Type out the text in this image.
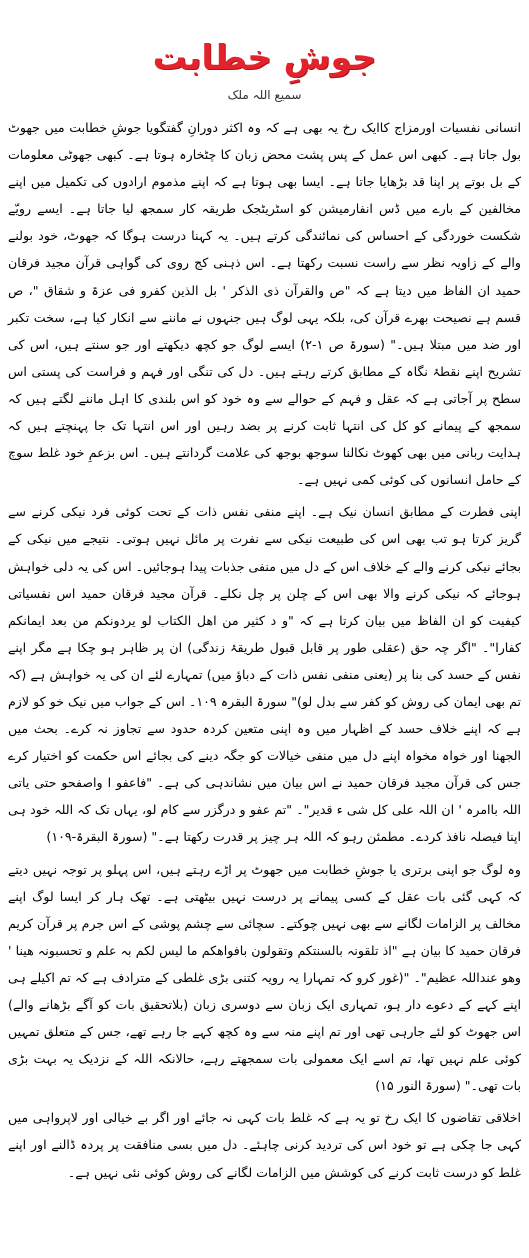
جوشِ خطابت
سمیع اللہ ملک

انسانی نفسیات اورمزاج کاایک رخ یہ بھی ہے کہ وہ اکثر دورانِ گفتگویا جوشِ خطابت میں جھوٹ بول جاتا ہے۔ کبھی اس عمل کے پس پشت محض زبان کا چٹخارہ ہوتا ہے۔ کبھی جھوٹی معلومات کے بل بوتے پر اپنا قد بڑھایا جاتا ہے۔ ایسا بھی ہوتا ہے کہ اپنے مذموم ارادوں کی تکمیل میں اپنے مخالفین کے بارے میں ڈس انفارمیشن کو اسٹریٹجک طریقہ کار سمجھ لیا جاتا ہے۔ ایسے رویّے شکست خوردگی کے احساس کی نمائندگی کرتے ہیں۔ یہ کہنا درست ہوگا کہ جھوٹ، خود بولنے والے کے زاویہ نظر سے راست نسبت رکھتا ہے۔ اس ذہنی کج روی کی گواہی قرآن مجید فرقان حمید ان الفاظ میں دیتا ہے کہ "ص والقرآن ذی الذکر ' بل الذین کفرو فی عزۃ و شقاق "، ص قسم ہے نصیحت بھرے قرآن کی، بلکہ یہی لوگ ہیں جنہوں نے ماننے سے انکار کیا ہے، سخت تکبر اور ضد میں مبتلا ہیں۔" (سورۃ ص ۱-۲) ایسے لوگ جو کچھ دیکھتے اور جو سنتے ہیں، اس کی تشریح اپنے نقطۂ نگاہ کے مطابق کرتے رہتے ہیں۔ دل کی تنگی اور فہم و فراست کی پستی اس سطح پر آجاتی ہے کہ عقل و فہم کے حوالے سے وہ خود کو اس بلندی کا اہل ماننے لگتے ہیں کہ سمجھ کے پیمانے کو کل کی انتہا ثابت کرنے پر بضد رہیں اور اس انتہا تک جا پہنچتے ہیں کہ ہدایت ربانی میں بھی کھوٹ نکالنا سوجھ بوجھ کی علامت گردانتے ہیں۔ اس بزعمِ خود غلط سوچ کے حامل انسانوں کی کوئی کمی نہیں ہے۔

اپنی فطرت کے مطابق انسان نیک ہے۔ اپنے منفی نفس ذات کے تحت کوئی فرد نیکی کرنے سے گریز کرتا ہو تب بھی اس کی طبیعت نیکی سے نفرت پر مائل نہیں ہوتی۔ نتیجے میں نیکی کے بجائے نیکی کرنے والے کے خلاف اس کے دل میں منفی جذبات پیدا ہوجائیں۔ اس کی یہ دلی خواہش ہوجائے کہ نیکی کرنے والا بھی اس کے چلن پر چل نکلے۔ قرآن مجید فرقان حمید اس نفسیاتی کیفیت کو ان الفاظ میں بیان کرتا ہے کہ "و د کثیر من اھل الکتاب لو یردونکم من بعد ایمانکم کفارا"۔ "اگر چہ حق (عقلی طور پر قابل قبول طریقۂ زندگی) ان پر ظاہر ہو چکا ہے مگر اپنے نفس کے حسد کی بنا پر (یعنی منفی نفس ذات کے دباؤ میں) تمہارے لئے ان کی یہ خواہش ہے (کہ تم بھی ایمان کی روش کو کفر سے بدل لو)" سورۃ البقرہ ۱۰۹۔ اس کے جواب میں نیک خو کو لازم ہے کہ اپنے خلاف حسد کے اظہار میں وہ اپنی متعین کردہ حدود سے تجاوز نہ کرے۔ بحث میں الجھنا اور خواہ مخواہ اپنے دل میں منفی خیالات کو جگہ دینے کی بجائے اس حکمت کو اختیار کرے جس کی قرآن مجید فرقان حمید نے اس بیان میں نشاندہی کی ہے۔ "فاعفو ا واصفحو حتی یاتی اللہ باامرہ ' ان اللہ علی کل شی ء قدیر"۔ "تم عفو و درگزر سے کام لو، یہاں تک کہ اللہ خود ہی اپنا فیصلہ نافذ کردے۔ مطمئن رہو کہ اللہ ہر چیز پر قدرت رکھتا ہے۔" (سورۃ البقرۃ-۱۰۹)

وہ لوگ جو اپنی برتری یا جوشِ خطابت میں جھوٹ پر اڑے رہتے ہیں، اس پہلو پر توجہ نہیں دیتے کہ کہی گئی بات عقل کے کسی پیمانے پر درست نہیں بیٹھتی ہے۔ تھک ہار کر ایسا لوگ اپنے مخالف پر الزامات لگانے سے بھی نہیں چوکتے۔ سچائی سے چشم پوشی کے اس جرم پر قرآن کریم فرقان حمید کا بیان ہے "اذ تلقونہ بالسنتکم وتقولون بافواھکم ما لیس لکم بہ علم و تحسبونہ ھینا ' وھو عنداللہ عظیم"۔ "(غور کرو کہ تمہارا یہ رویہ کتنی بڑی غلطی کے مترادف ہے کہ تم اکیلے ہی اپنے کہے کے دعوے دار ہو، تمہاری ایک زبان سے دوسری زبان (بلاتحقیق بات کو آگے بڑھانے والے) اس جھوٹ کو لئے جارہی تھی اور تم اپنے منہ سے وہ کچھ کہے جا رہے تھے، جس کے متعلق تمہیں کوئی علم نہیں تھا، تم اسے ایک معمولی بات سمجھتے رہے، حالانکہ اللہ کے نزدیک یہ بہت بڑی بات تھی۔" (سورۃ النور ۱۵)

اخلاقی تقاضوں کا ایک رخ تو یہ ہے کہ غلط بات کہی نہ جائے اور اگر بے خیالی اور لاپرواہی میں کہی جا چکی ہے تو خود اس کی تردید کرنی چاہئے۔ دل میں بسی منافقت پر پردہ ڈالنے اور اپنے غلط کو درست ثابت کرنے کی کوشش میں الزامات لگانے کی روش کوئی نئی نہیں ہے۔
